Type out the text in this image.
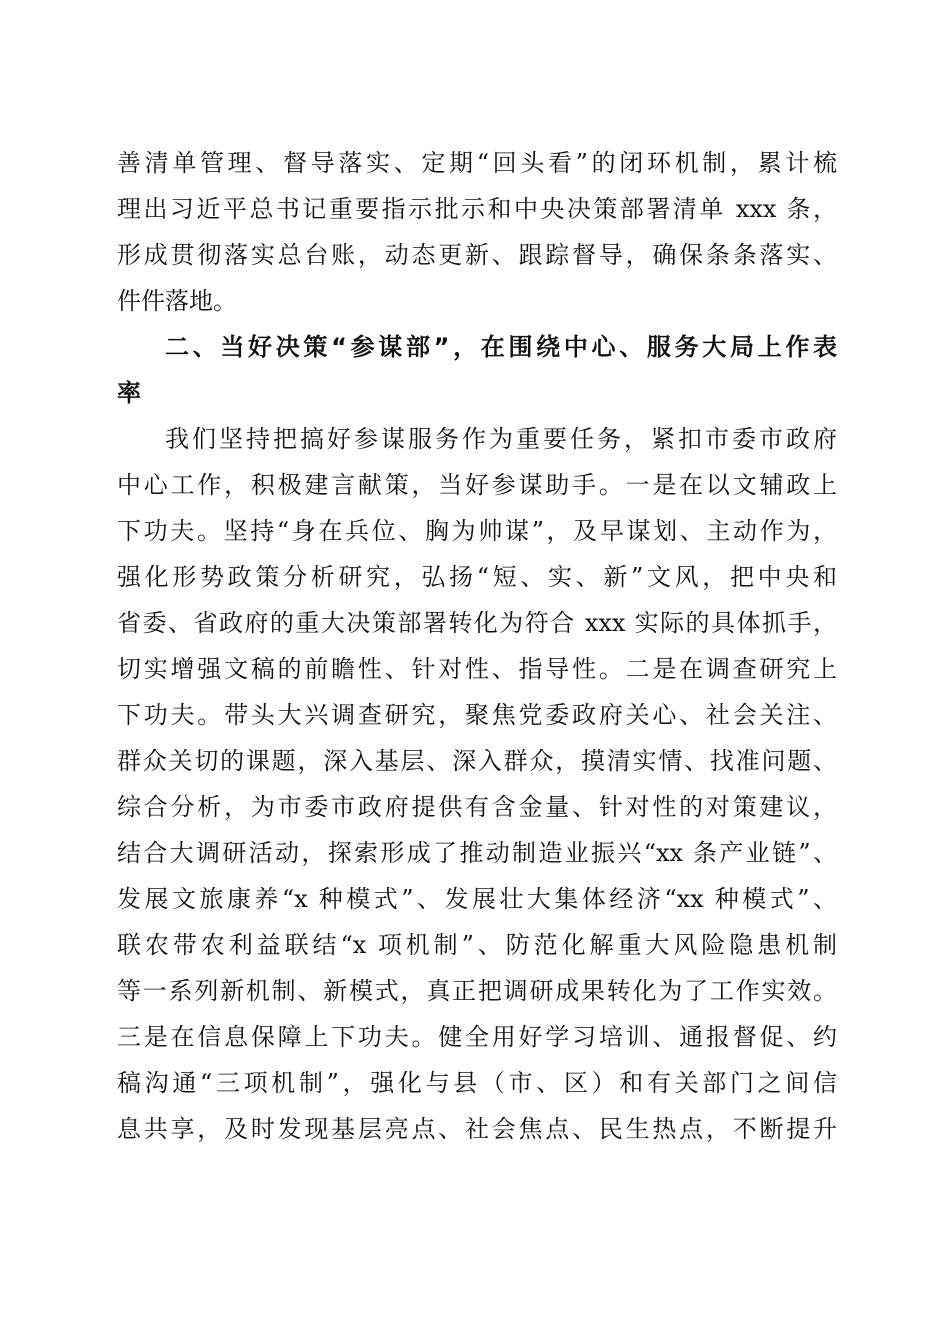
善清单管理、督导落实、定期“回头看”的闭环机制，累计梳
理出习近平总书记重要指示批示和中央决策部署清单 xxx 条，
形成贯彻落实总台账，动态更新、跟踪督导，确保条条落实、
件件落地。
二、当好决策“参谋部”，在围绕中心、服务大局上作表
率
我们坚持把搞好参谋服务作为重要任务，紧扣市委市政府
中心工作，积极建言献策，当好参谋助手。一是在以文辅政上
下功夫。坚持“身在兵位、胸为帅谋”，及早谋划、主动作为，
强化形势政策分析研究，弘扬“短、实、新”文风，把中央和
省委、省政府的重大决策部署转化为符合 xxx 实际的具体抓手，
切实增强文稿的前瞻性、针对性、指导性。二是在调查研究上
下功夫。带头大兴调查研究，聚焦党委政府关心、社会关注、
群众关切的课题，深入基层、深入群众，摸清实情、找准问题、
综合分析，为市委市政府提供有含金量、针对性的对策建议，
结合大调研活动，探索形成了推动制造业振兴“xx 条产业链”、
发展文旅康养“x 种模式”、发展壮大集体经济“xx 种模式”、
联农带农利益联结“x 项机制”、防范化解重大风险隐患机制
等一系列新机制、新模式，真正把调研成果转化为了工作实效。
三是在信息保障上下功夫。健全用好学习培训、通报督促、约
稿沟通“三项机制”，强化与县（市、区）和有关部门之间信
息共享，及时发现基层亮点、社会焦点、民生热点，不断提升
